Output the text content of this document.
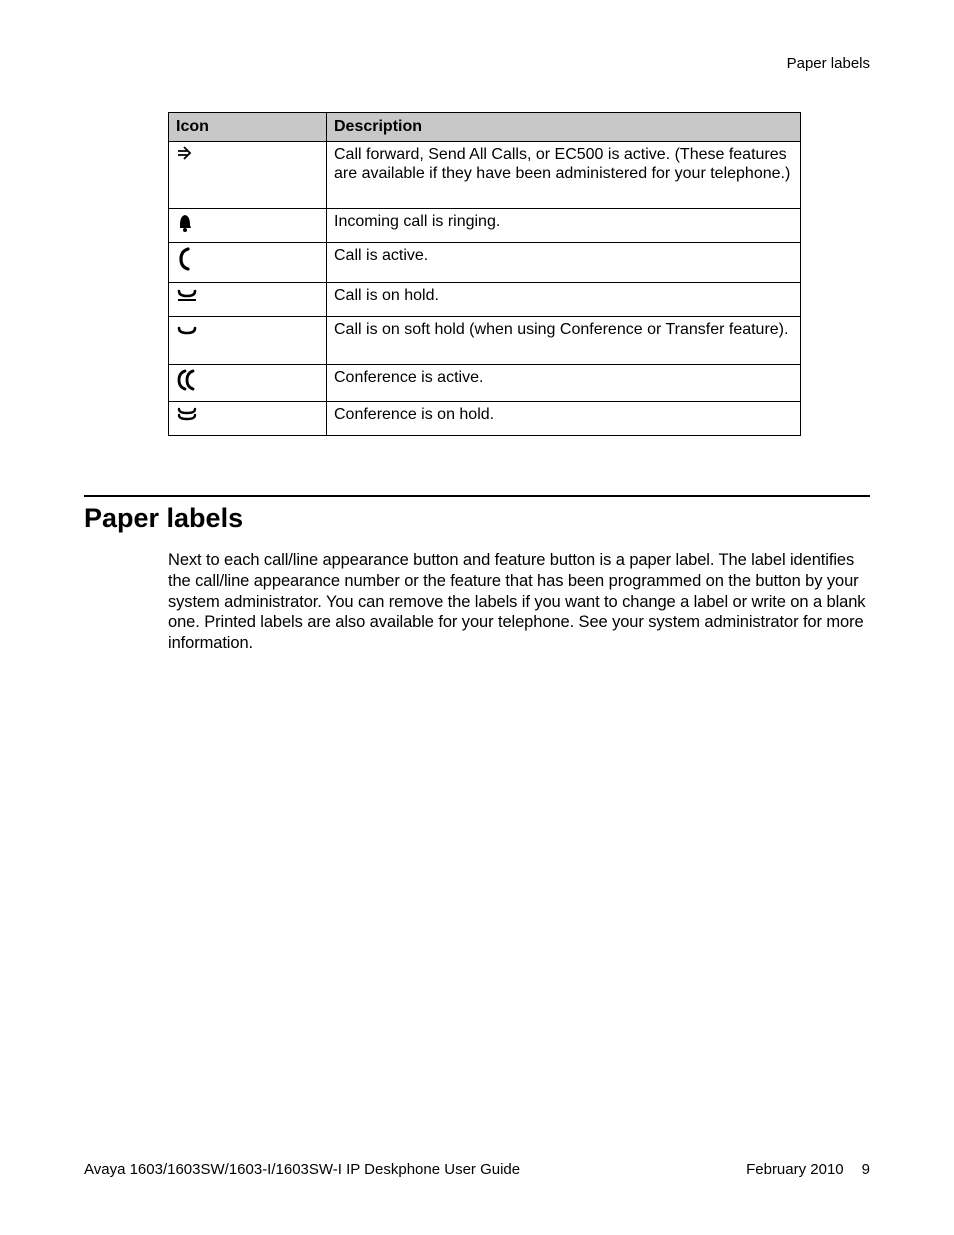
Paper labels
Icon	Description

	Call forward, Send All Calls, or EC500 is active. (These features are available if they have been administered for your telephone.)

	Incoming call is ringing.

	Call is active.

	Call is on hold.

	Call is on soft hold (when using Conference or Transfer feature).

	Conference is active.

	Conference is on hold.
Paper labels

Next to each call/line appearance button and feature button is a paper label. The label identifies the call/line appearance number or the feature that has been programmed on the button by your system administrator. You can remove the labels if you want to change a label or write on a blank one. Printed labels are also available for your telephone. See your system administrator for more information.

Avaya 1603/1603SW/1603-I/1603SW-I IP Deskphone User Guide	February 2010 9
